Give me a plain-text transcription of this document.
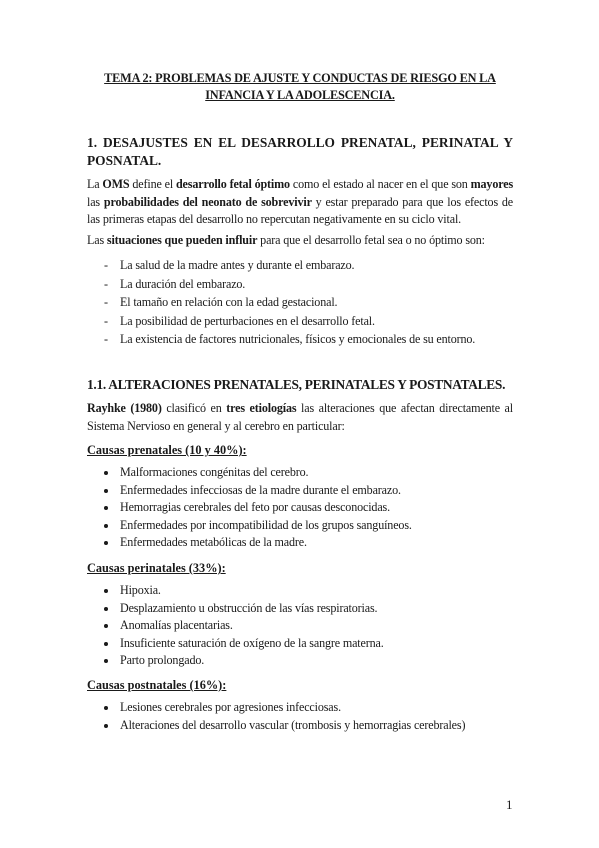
TEMA 2: PROBLEMAS DE AJUSTE Y CONDUCTAS DE RIESGO EN LA
INFANCIA Y LA ADOLESCENCIA.
1. DESAJUSTES EN EL DESARROLLO PRENATAL, PERINATAL Y
POSNATAL.
La OMS define el desarrollo fetal óptimo como el estado al nacer en el que son mayores las probabilidades del neonato de sobrevivir y estar preparado para que los efectos de las primeras etapas del desarrollo no repercutan negativamente en su ciclo vital.
Las situaciones que pueden influir para que el desarrollo fetal sea o no óptimo son:
- La salud de la madre antes y durante el embarazo.
- La duración del embarazo.
- El tamaño en relación con la edad gestacional.
- La posibilidad de perturbaciones en el desarrollo fetal.
- La existencia de factores nutricionales, físicos y emocionales de su entorno.
1.1. ALTERACIONES PRENATALES, PERINATALES Y POSTNATALES.
Rayhke (1980) clasificó en tres etiologías las alteraciones que afectan directamente al Sistema Nervioso en general y al cerebro en particular:
Causas prenatales (10 y 40%):
Malformaciones congénitas del cerebro.
Enfermedades infecciosas de la madre durante el embarazo.
Hemorragias cerebrales del feto por causas desconocidas.
Enfermedades por incompatibilidad de los grupos sanguíneos.
Enfermedades metabólicas de la madre.
Causas perinatales (33%):
Hipoxia.
Desplazamiento u obstrucción de las vías respiratorias.
Anomalías placentarias.
Insuficiente saturación de oxígeno de la sangre materna.
Parto prolongado.
Causas postnatales (16%):
Lesiones cerebrales por agresiones infecciosas.
Alteraciones del desarrollo vascular (trombosis y hemorragias cerebrales)
1
